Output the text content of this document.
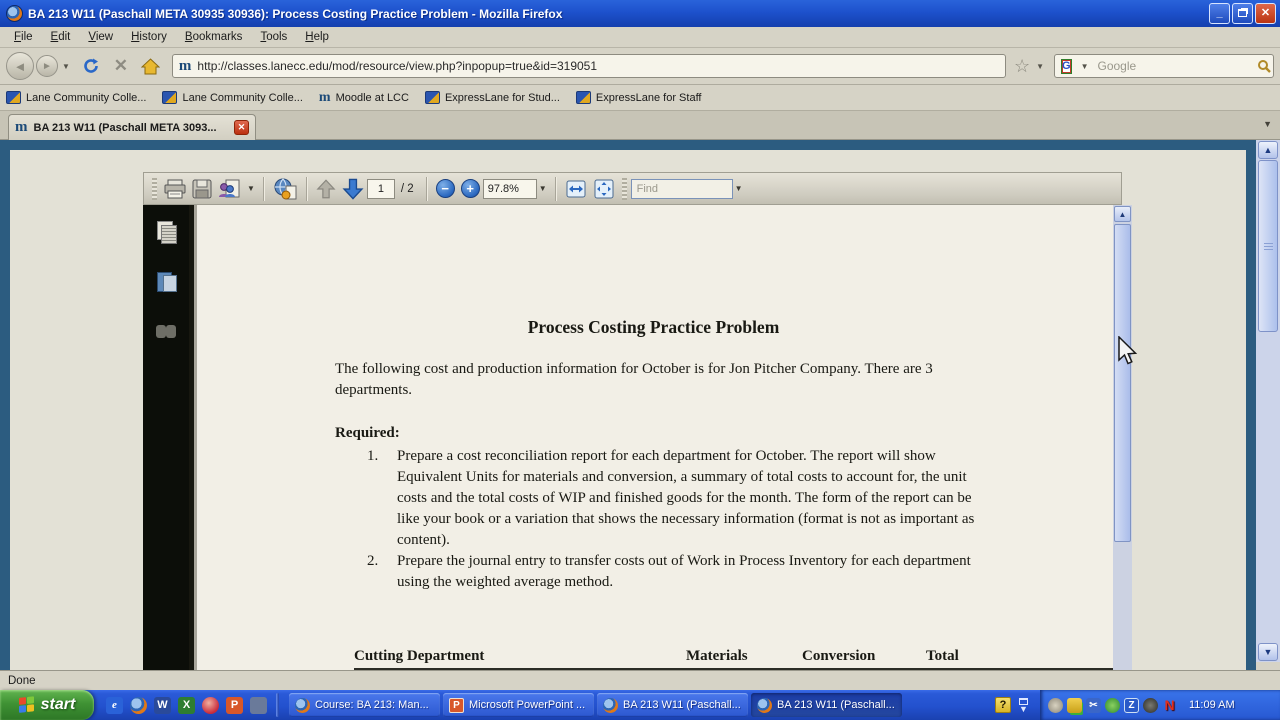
BA 213 W11 (Paschall META 30935 30936): Process Costing Practice Problem - Mozilla Firefox	_	✕
File	Edit	View	History	Bookmarks	Tools	Help
◄	►	▼	✕	m
http://classes.lanecc.edu/mod/resource/view.php?inpopup=true&id=319051	☆ ▼	G	▼
Google
Lane Community Colle...	Lane Community Colle... m Moodle at LCC	ExpressLane for Stud...	ExpressLane for Staff
m BA 213 W11 (Paschall META 3093...	✕	▼
▼
1	/ 2	−	+	97.8% ▼
Find	▼
Process Costing Practice Problem
The following cost and production information for October is for Jon Pitcher Company. There are 3 departments.
Required:
1.	Prepare a cost reconciliation report for each department for October. The report will show Equivalent Units for materials and conversion, a summary of total costs to account for, the unit costs and the total costs of WIP and finished goods for the month. The form of the report can be like your book or a variation that shows the necessary information (format is not as important as content).
2.	Prepare the journal entry to transfer costs out of Work in Process Inventory for each department using the weighted average method.
Cutting Department	Materials	Conversion	Total
▲
▲
▼
Done
start	e	W	X	P	Course: BA 213: Man...	P Microsoft PowerPoint ...	BA 213 W11 (Paschall...	BA 213 W11 (Paschall...	?	▼	✂	Z	N 11:09 AM
